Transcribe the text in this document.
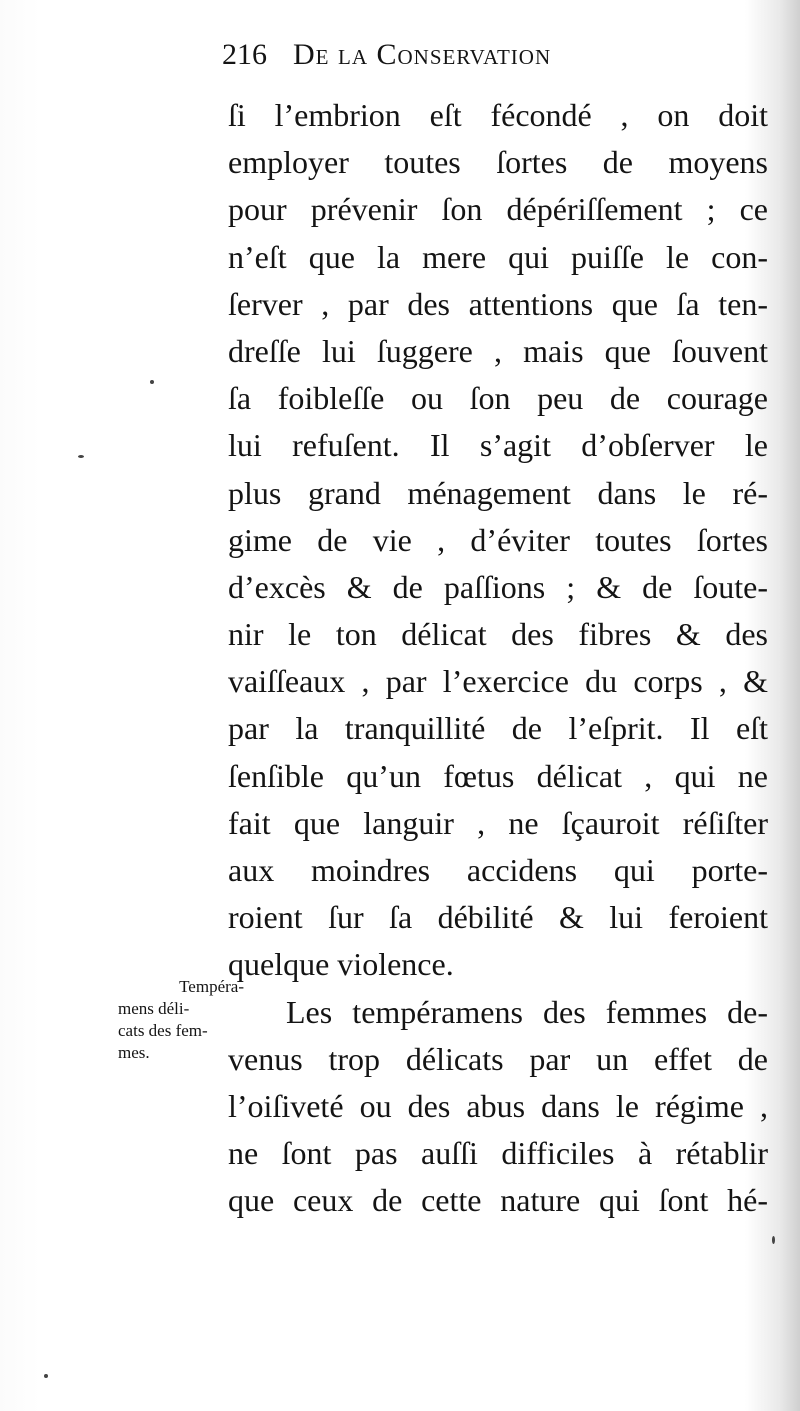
216 De la Conservation
ſi l’embrion eſt fécondé , on doit
employer toutes ſortes de moyens
pour prévenir ſon dépériſſement ; ce
n’eſt que la mere qui puiſſe le con-
ſerver , par des attentions que ſa ten-
dreſſe lui ſuggere , mais que ſouvent
ſa foibleſſe ou ſon peu de courage
lui refuſent. Il s’agit d’obſerver le
plus grand ménagement dans le ré-
gime de vie , d’éviter toutes ſortes
d’excès & de paſſions ; & de ſoute-
nir le ton délicat des fibres & des
vaiſſeaux , par l’exercice du corps , &
par la tranquillité de l’eſprit. Il eſt
ſenſible qu’un fœtus délicat , qui ne
fait que languir , ne ſçauroit réſiſter
aux moindres accidens qui porte-
roient ſur ſa débilité & lui feroient
quelque violence.
Les tempéramens des femmes de-
venus trop délicats par un effet de
l’oiſiveté ou des abus dans le régime ,
ne ſont pas auſſi difficiles à rétablir
que ceux de cette nature qui ſont hé-
Tempéra-
mens déli-
cats des fem-
mes.
